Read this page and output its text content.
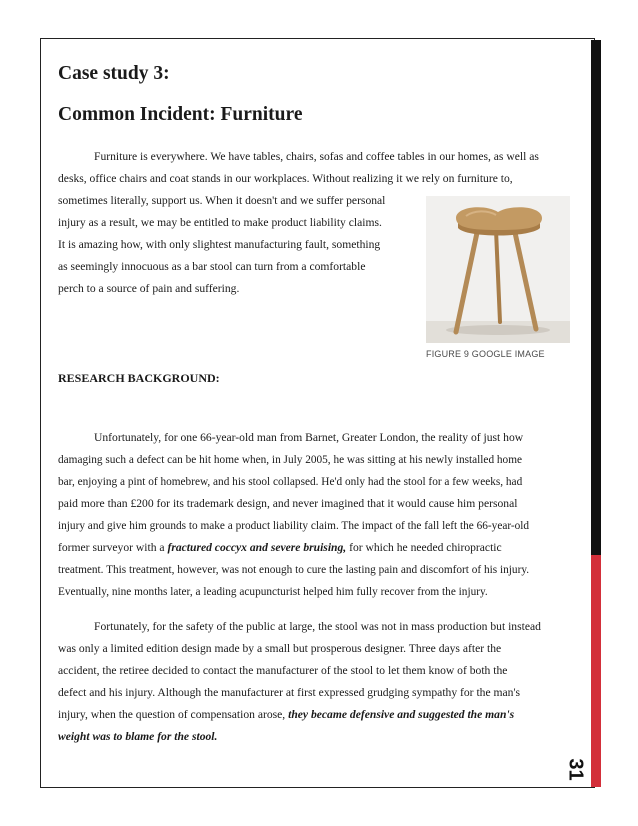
Case study 3:
Common Incident: Furniture

Furniture is everywhere. We have tables, chairs, sofas and coffee tables in our homes, as well as

desks, office chairs and coat stands in our workplaces. Without realizing it we rely on furniture to,

sometimes literally, support us. When it doesn't and we suffer personal

injury as a result, we may be entitled to make product liability claims.

It is amazing how, with only slightest manufacturing fault, something

as seemingly innocuous as a bar stool can turn from a comfortable

perch to a source of pain and suffering.

FIGURE 9 GOOGLE IMAGE

RESEARCH BACKGROUND:

Unfortunately, for one 66-year-old man from Barnet, Greater London, the reality of just how

damaging such a defect can be hit home when, in July 2005, he was sitting at his newly installed home

bar, enjoying a pint of homebrew, and his stool collapsed. He'd only had the stool for a few weeks, had

paid more than £200 for its trademark design, and never imagined that it would cause him personal

injury and give him grounds to make a product liability claim. The impact of the fall left the 66-year-old

former surveyor with a fractured coccyx and severe bruising, for which he needed chiropractic

treatment. This treatment, however, was not enough to cure the lasting pain and discomfort of his injury.

Eventually, nine months later, a leading acupuncturist helped him fully recover from the injury.

Fortunately, for the safety of the public at large, the stool was not in mass production but instead

was only a limited edition design made by a small but prosperous designer. Three days after the

accident, the retiree decided to contact the manufacturer of the stool to let them know of both the

defect and his injury. Although the manufacturer at first expressed grudging sympathy for the man's

injury, when the question of compensation arose, they became defensive and suggested the man's

weight was to blame for the stool.

31
